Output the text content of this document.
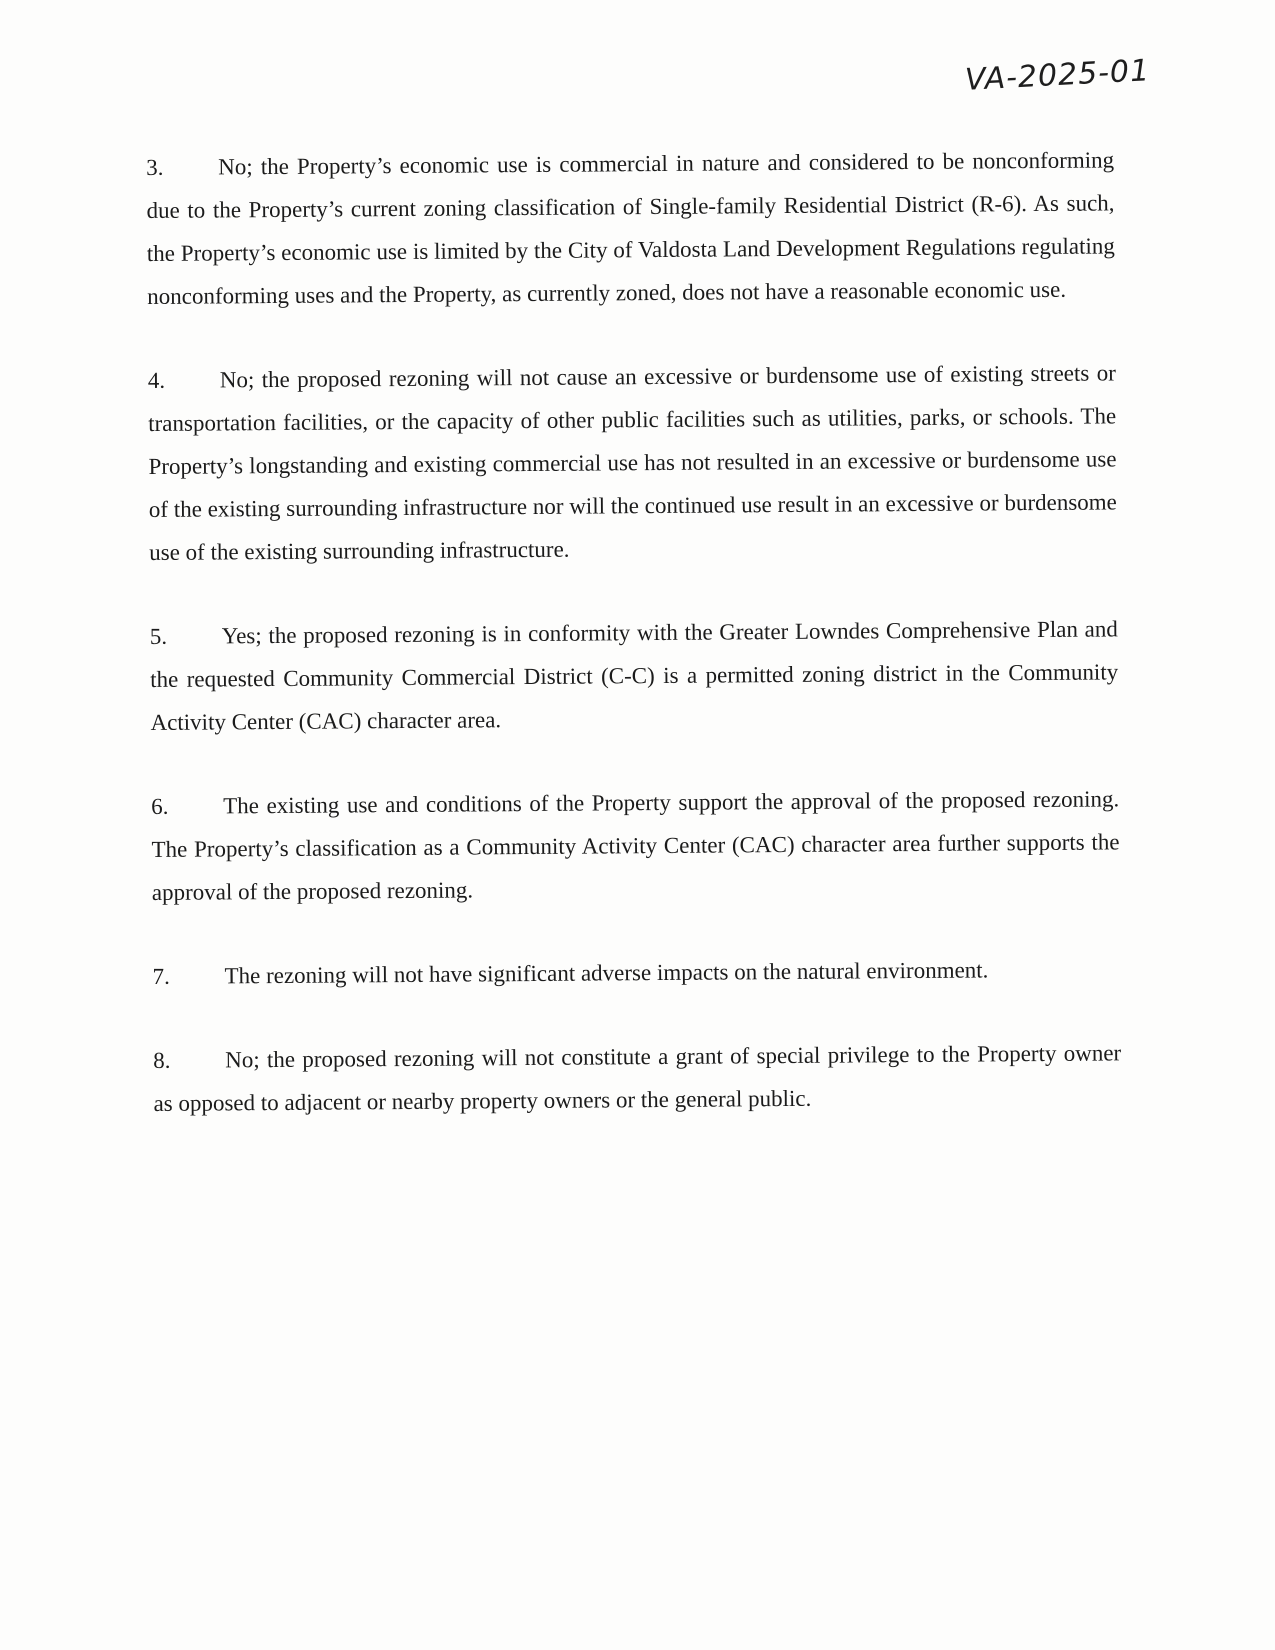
VA-2025-01

3. No; the Property’s economic use is commercial in nature and considered to be nonconforming due to the Property’s current zoning classification of Single-family Residential District (R-6). As such, the Property’s economic use is limited by the City of Valdosta Land Development Regulations regulating nonconforming uses and the Property, as currently zoned, does not have a reasonable economic use.

4. No; the proposed rezoning will not cause an excessive or burdensome use of existing streets or transportation facilities, or the capacity of other public facilities such as utilities, parks, or schools. The Property’s longstanding and existing commercial use has not resulted in an excessive or burdensome use of the existing surrounding infrastructure nor will the continued use result in an excessive or burdensome use of the existing surrounding infrastructure.

5. Yes; the proposed rezoning is in conformity with the Greater Lowndes Comprehensive Plan and the requested Community Commercial District (C-C) is a permitted zoning district in the Community Activity Center (CAC) character area.

6. The existing use and conditions of the Property support the approval of the proposed rezoning. The Property’s classification as a Community Activity Center (CAC) character area further supports the approval of the proposed rezoning.

7. The rezoning will not have significant adverse impacts on the natural environment.

8. No; the proposed rezoning will not constitute a grant of special privilege to the Property owner as opposed to adjacent or nearby property owners or the general public.
